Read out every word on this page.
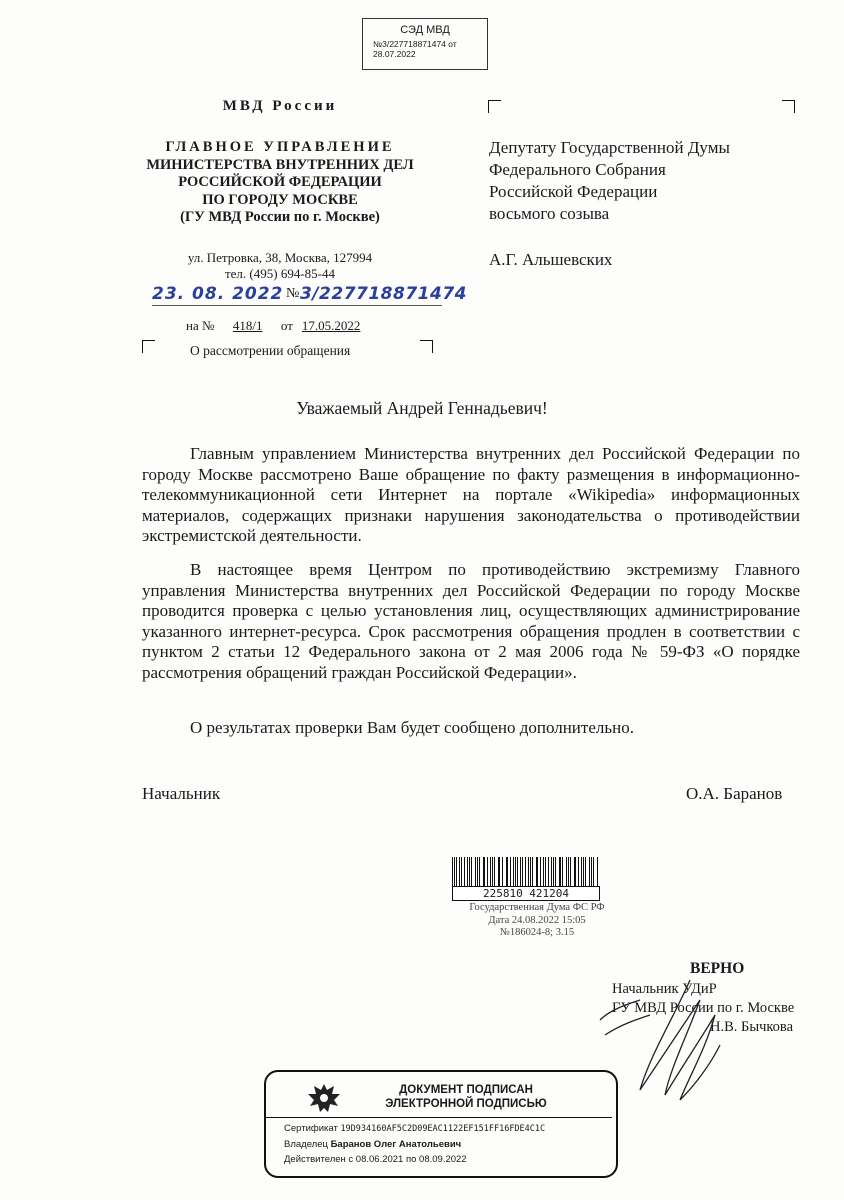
СЭД МВД
№3/227718871474 от
28.07.2022
МВД России
ГЛАВНОЕ УПРАВЛЕНИЕ
МИНИСТЕРСТВА ВНУТРЕННИХ ДЕЛ
РОССИЙСКОЙ ФЕДЕРАЦИИ
ПО ГОРОДУ МОСКВЕ
(ГУ МВД России по г. Москве)
ул. Петровка, 38, Москва, 127994
тел. (495) 694-85-44
23. 08. 2022 № 3/227718871474
на № 418/1 от 17.05.2022
О рассмотрении обращения
Депутату Государственной Думы
Федерального Собрания
Российской Федерации
восьмого созыва
А.Г. Альшевских
Уважаемый Андрей Геннадьевич!
Главным управлением Министерства внутренних дел Российской Федерации по городу Москве рассмотрено Ваше обращение по факту размещения в информационно-телекоммуникационной сети Интернет на портале «Wikipedia» информационных материалов, содержащих признаки нарушения законодательства о противодействии экстремистской деятельности.
В настоящее время Центром по противодействию экстремизму Главного управления Министерства внутренних дел Российской Федерации по городу Москве проводится проверка с целью установления лиц, осуществляющих администрирование указанного интернет-ресурса. Срок рассмотрения обращения продлен в соответствии с пунктом 2 статьи 12 Федерального закона от 2 мая 2006 года № 59-ФЗ «О порядке рассмотрения обращений граждан Российской Федерации».
О результатах проверки Вам будет сообщено дополнительно.
Начальник	О.А. Баранов
225810 421204
Государственная Дума ФС РФ
Дата 24.08.2022 15:05
№186024-8; 3.15
ВЕРНО
Начальник УДиР
ГУ МВД России по г. Москве
Н.В. Бычкова
ДОКУМЕНТ ПОДПИСАН
ЭЛЕКТРОННОЙ ПОДПИСЬЮ
Сертификат 19D934160AF5C2D09EAC1122EF151FF16FDE4C1C
Владелец Баранов Олег Анатольевич
Действителен с 08.06.2021 по 08.09.2022
